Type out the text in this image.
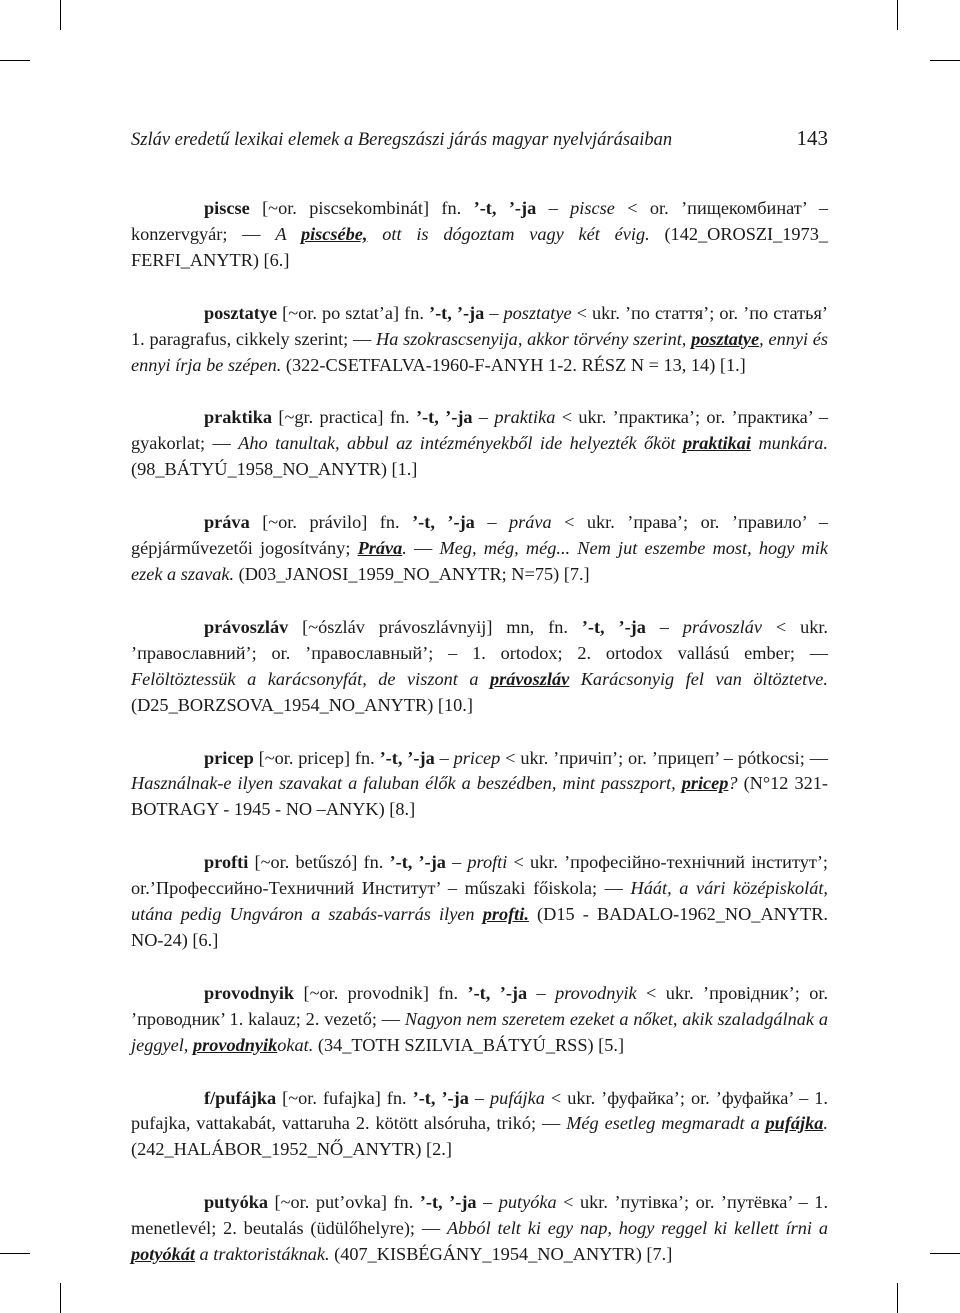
Szláv eredetű lexikai elemek a Beregszászi járás magyar nyelvjárásaiban	143
piscse [~or. piscsekombinát] fn. ’-t, ’-ja – piscse < or. ’пищекомбинат’ – konzervgyár; –– A piscsébe, ott is dógoztam vagy két évig. (142_OROSZI_1973_ FERFI_ANYTR) [6.]
posztatye [~or. po sztat’a] fn. ’-t, ’-ja – posztatye < ukr. ’по статтяʼ; or. ’по статья’ 1. paragrafus, cikkely szerint; –– Ha szokrascsenyija, akkor törvény szerint, posztatye, ennyi és ennyi írja be szépen. (322-CSETFALVA-1960-F-ANYH 1-2. RÉSZ N = 13, 14) [1.]
praktika [~gr. practica] fn. ’-t, ’-ja – praktika < ukr. ’практика’; or. ’практика’ – gyakorlat; –– Aho tanultak, abbul az intézményekből ide helyezték őköt praktikai munkára. (98_BÁTYÚ_1958_NO_ANYTR) [1.]
práva [~or. právilo] fn. ’-t, ’-ja – práva < ukr. ’права’; or. ’правило’ – gépjárművezetői jogosítvány; Práva. –– Meg, még, még... Nem jut eszembe most, hogy mik ezek a szavak. (D03_JANOSI_1959_NO_ANYTR; N=75) [7.]
právoszláv [~ószláv právoszlávnyij] mn, fn. ’-t, ’-ja – právoszláv < ukr. ’православний’; or. ’православный’; – 1. ortodox; 2. ortodox vallású ember; –– Felöltöztessük a karácsonyfát, de viszont a právoszláv Karácsonyig fel van öltöztetve. (D25_BORZSOVA_1954_NO_ANYTR) [10.]
pricep [~or. pricep] fn. ’-t, ’-ja – pricep < ukr. ’причіп’; or. ’прицеп’ – pótkocsi; –– Használnak-e ilyen szavakat a faluban élők a beszédben, mint passzport, pricep? (N°12 321-BOTRAGY - 1945 - NO –ANYK) [8.]
profti [~or. betűszó] fn. ’-t, ’-ja – profti < ukr. ’професійно-технічний інститут’; or.’Профессийно-Техничний Институт’ – műszaki főiskola; –– Háát, a vári középiskolát, utána pedig Ungváron a szabás-varrás ilyen profti. (D15 - BADALO-1962_NO_ANYTR. NO-24) [6.]
provodnyik [~or. provodnik] fn. ’-t, ’-ja – provodnyik < ukr. ’провідник’; or. ’проводник’ 1. kalauz; 2. vezető; –– Nagyon nem szeretem ezeket a nőket, akik szaladgálnak a jeggyel, provodnyikokat. (34_TOTH SZILVIA_BÁTYÚ_RSS) [5.]
f/pufájka [~or. fufajka] fn. ’-t, ’-ja – pufájka < ukr. ’фуфайка’; or. ’фуфайка’ – 1. pufajka, vattakabát, vattaruha 2. kötött alsóruha, trikó; –– Még esetleg megmaradt a pufájka. (242_HALÁBOR_1952_NŐ_ANYTR) [2.]
putyóka [~or. put’ovka] fn. ’-t, ’-ja – putyóka < ukr. ’путівка’; or. ’путёвка’ – 1. menetlevél; 2. beutalás (üdülőhelyre); –– Abból telt ki egy nap, hogy reggel ki kellett írni a potyókát a traktoristáknak. (407_KISBÉGÁNY_1954_NO_ANYTR) [7.]
